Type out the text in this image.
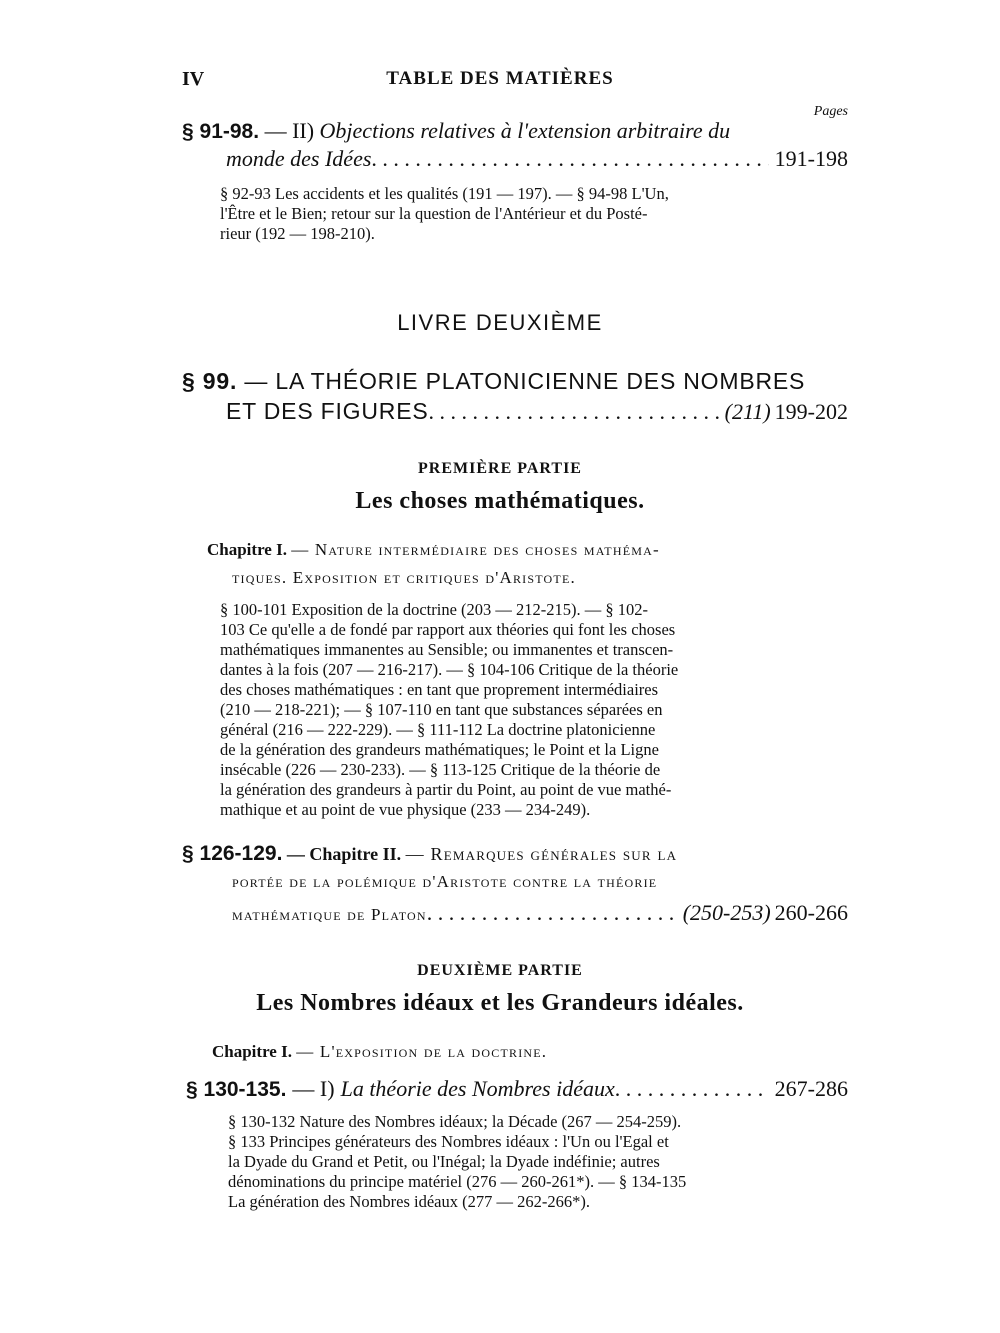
IV	TABLE DES MATIÈRES
Pages
§ 91-98. — II) Objections relatives à l'extension arbitraire du
monde des Idées . . .	191-198
§ 92-93 Les accidents et les qualités (191 — 197). — § 94-98 L'Un,
l'Être et le Bien; retour sur la question de l'Antérieur et du Posté-
rieur (192 — 198-210).
LIVRE DEUXIÈME
§ 99. — LA THÉORIE PLATONICIENNE DES NOMBRES
ET DES FIGURES . . .	(211) 199-202
PREMIÈRE PARTIE
Les choses mathématiques.
Chapitre I. — Nature intermédiaire des choses mathéma-
tiques. Exposition et critiques d'Aristote.
§ 100-101 Exposition de la doctrine (203 — 212-215). — § 102-
103 Ce qu'elle a de fondé par rapport aux théories qui font les choses
mathématiques immanentes au Sensible; ou immanentes et transcen-
dantes à la fois (207 — 216-217). — § 104-106 Critique de la théorie
des choses mathématiques : en tant que proprement intermédiaires
(210 — 218-221); — § 107-110 en tant que substances séparées en
général (216 — 222-229). — § 111-112 La doctrine platonicienne
de la génération des grandeurs mathématiques; le Point et la Ligne
insécable (226 — 230-233). — § 113-125 Critique de la théorie de
la génération des grandeurs à partir du Point, au point de vue mathé-
mathique et au point de vue physique (233 — 234-249).
§ 126-129. — Chapitre II. — Remarques générales sur la
portée de la polémique d'Aristote contre la théorie
mathématique de Platon . . .	(250-253) 260-266
DEUXIÈME PARTIE
Les Nombres idéaux et les Grandeurs idéales.
Chapitre I. — L'exposition de la doctrine.
§ 130-135. — I) La théorie des Nombres idéaux . . .	267-286
§ 130-132 Nature des Nombres idéaux; la Décade (267 — 254-259).
§ 133 Principes générateurs des Nombres idéaux : l'Un ou l'Egal et
la Dyade du Grand et Petit, ou l'Inégal; la Dyade indéfinie; autres
dénominations du principe matériel (276 — 260-261*). — § 134-135
La génération des Nombres idéaux (277 — 262-266*).
